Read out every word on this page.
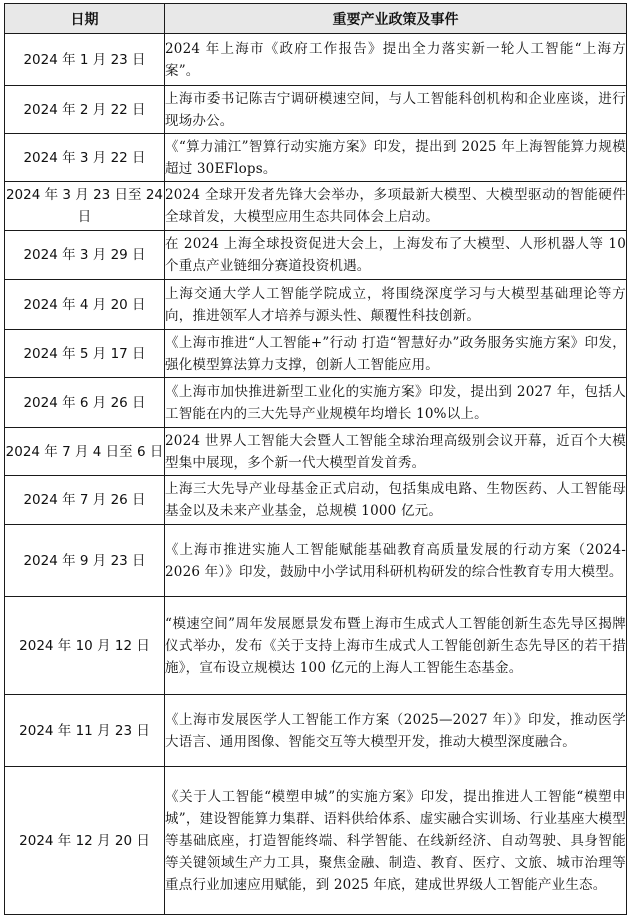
日期	重要产业政策及事件
2024 年 1 月 23 日	2024 年上海市《政府工作报告》提出全力落实新一轮人工智能“上海方案”。
2024 年 2 月 22 日	上海市委书记陈吉宁调研模速空间，与人工智能科创机构和企业座谈，进行现场办公。
2024 年 3 月 22 日	《“算力浦江”智算行动实施方案》印发，提出到 2025 年上海智能算力规模超过 30EFlops。
2024 年 3 月 23 日至 24 日	2024 全球开发者先锋大会举办，多项最新大模型、大模型驱动的智能硬件全球首发，大模型应用生态共同体会上启动。
2024 年 3 月 29 日	在 2024 上海全球投资促进大会上，上海发布了大模型、人形机器人等 10 个重点产业链细分赛道投资机遇。
2024 年 4 月 20 日	上海交通大学人工智能学院成立，将围绕深度学习与大模型基础理论等方向，推进领军人才培养与源头性、颠覆性科技创新。
2024 年 5 月 17 日	《上海市推进“人工智能+”行动 打造“智慧好办”政务服务实施方案》印发，强化模型算法算力支撑，创新人工智能应用。
2024 年 6 月 26 日	《上海市加快推进新型工业化的实施方案》印发，提出到 2027 年，包括人工智能在内的三大先导产业规模年均增长 10%以上。
2024 年 7 月 4 日至 6 日	2024 世界人工智能大会暨人工智能全球治理高级别会议开幕，近百个大模型集中展现，多个新一代大模型首发首秀。
2024 年 7 月 26 日	上海三大先导产业母基金正式启动，包括集成电路、生物医药、人工智能母基金以及未来产业基金，总规模 1000 亿元。
2024 年 9 月 23 日	《上海市推进实施人工智能赋能基础教育高质量发展的行动方案（2024-2026 年）》印发，鼓励中小学试用科研机构研发的综合性教育专用大模型。
2024 年 10 月 12 日	“模速空间”周年发展愿景发布暨上海市生成式人工智能创新生态先导区揭牌仪式举办，发布《关于支持上海市生成式人工智能创新生态先导区的若干措施》，宣布设立规模达 100 亿元的上海人工智能生态基金。
2024 年 11 月 23 日	《上海市发展医学人工智能工作方案（2025—2027 年）》印发，推动医学大语言、通用图像、智能交互等大模型开发，推动大模型深度融合。
2024 年 12 月 20 日	《关于人工智能“模塑申城”的实施方案》印发，提出推进人工智能“模塑申城”，建设智能算力集群、语料供给体系、虚实融合实训场、行业基座大模型等基础底座，打造智能终端、科学智能、在线新经济、自动驾驶、具身智能等关键领域生产力工具，聚焦金融、制造、教育、医疗、文旅、城市治理等重点行业加速应用赋能，到 2025 年底，建成世界级人工智能产业生态。
